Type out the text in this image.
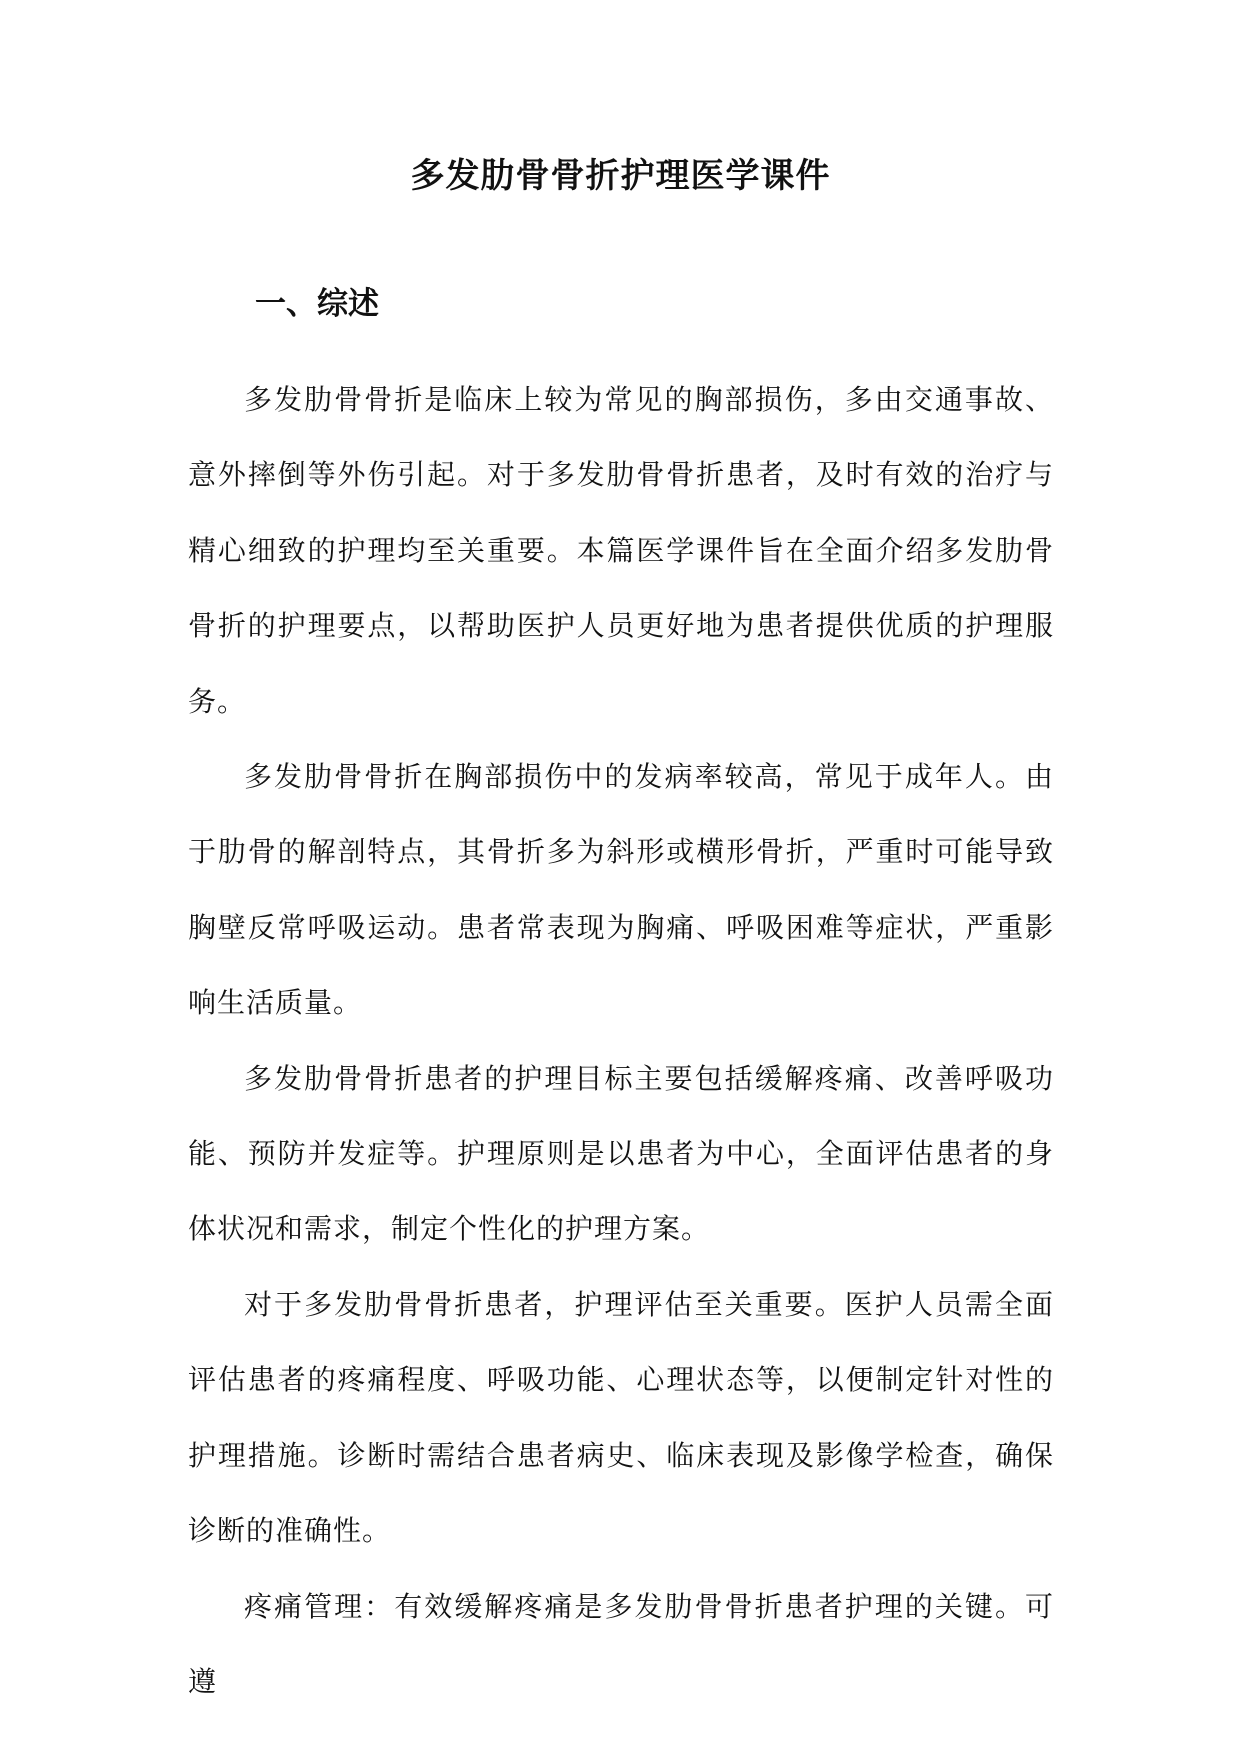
多发肋骨骨折护理医学课件
一、综述

多发肋骨骨折是临床上较为常见的胸部损伤，多由交通事故、意外摔倒等外伤引起。对于多发肋骨骨折患者，及时有效的治疗与精心细致的护理均至关重要。本篇医学课件旨在全面介绍多发肋骨骨折的护理要点，以帮助医护人员更好地为患者提供优质的护理服务。

多发肋骨骨折在胸部损伤中的发病率较高，常见于成年人。由于肋骨的解剖特点，其骨折多为斜形或横形骨折，严重时可能导致胸壁反常呼吸运动。患者常表现为胸痛、呼吸困难等症状，严重影响生活质量。

多发肋骨骨折患者的护理目标主要包括缓解疼痛、改善呼吸功能、预防并发症等。护理原则是以患者为中心，全面评估患者的身体状况和需求，制定个性化的护理方案。

对于多发肋骨骨折患者，护理评估至关重要。医护人员需全面评估患者的疼痛程度、呼吸功能、心理状态等，以便制定针对性的护理措施。诊断时需结合患者病史、临床表现及影像学检查，确保诊断的准确性。

疼痛管理：有效缓解疼痛是多发肋骨骨折患者护理的关键。可遵
